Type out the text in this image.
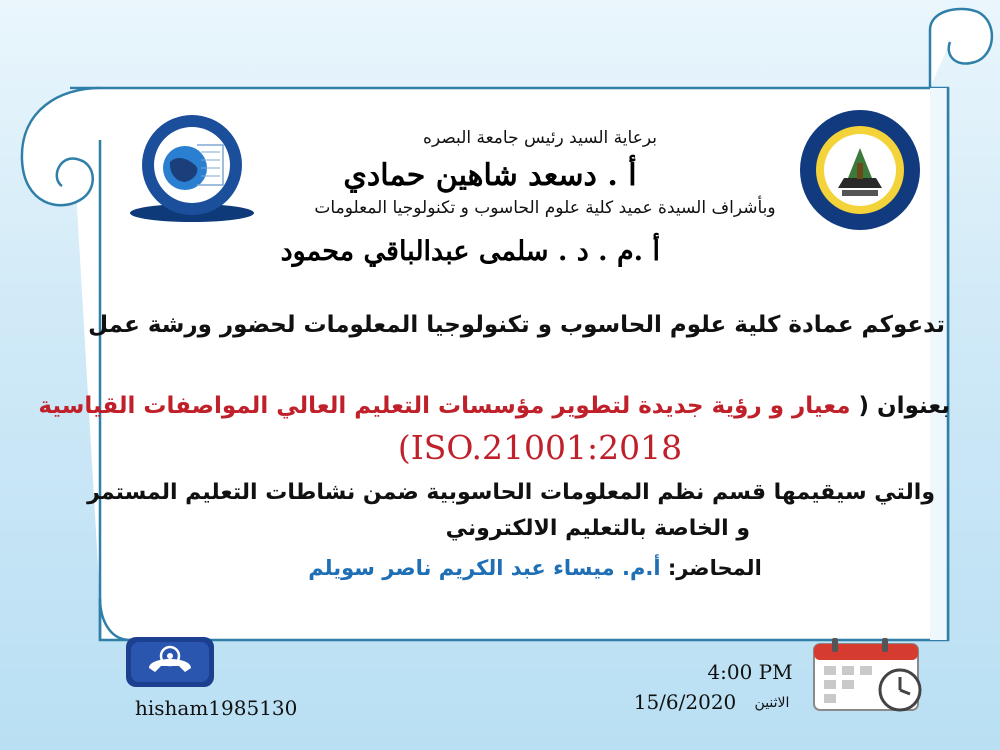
برعاية السيد رئيس جامعة البصره
أ . دسعد شاهين حمادي
وبأشراف السيدة عميد كلية علوم الحاسوب و تكنولوجيا المعلومات
أ .م . د . سلمى عبدالباقي محمود
تدعوكم عمادة كلية علوم الحاسوب و تكنولوجيا المعلومات لحضور ورشة عمل
بعنوان ( معيار و رؤية جديدة لتطوير مؤسسات التعليم العالي المواصفات القياسية
(ISO.21001:2018
والتي سيقيمها قسم نظم المعلومات الحاسوبية ضمن نشاطات التعليم المستمر
و الخاصة بالتعليم الالكتروني
المحاضر: أ.م. ميساء عبد الكريم ناصر سويلم
hisham1985130
4:00 PM
15/6/2020	الاثنين
